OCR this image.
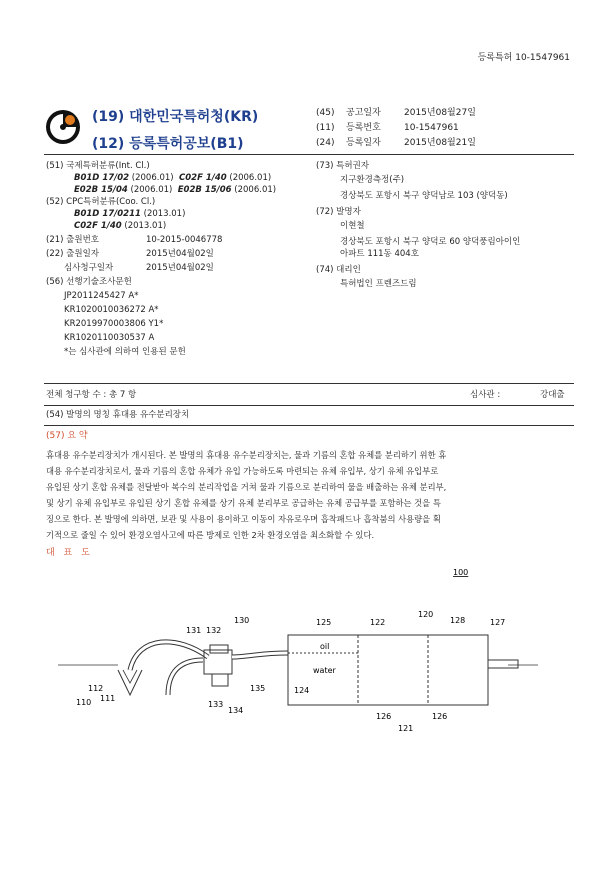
등록특허 10-1547961
(19) 대한민국특허청(KR)
(12) 등록특허공보(B1)
(45) 공고일자	2015년08월27일
(11) 등록번호	10-1547961
(24) 등록일자	2015년08월21일
(51) 국제특허분류(Int. Cl.)
B01D 17/02 (2006.01) C02F 1/40 (2006.01)
E02B 15/04 (2006.01) E02B 15/06 (2006.01)
(52) CPC특허분류(Coo. Cl.)
B01D 17/0211 (2013.01)
C02F 1/40 (2013.01)
(21) 출원번호	10-2015-0046778
(22) 출원일자	2015년04월02일
심사청구일자	2015년04월02일
(56) 선행기술조사문헌
JP2011245427 A*
KR1020010036272 A*
KR2019970003806 Y1*
KR1020110030537 A
*는 심사관에 의하여 인용된 문헌
(73) 특허권자
지구환경측정(주)
경상북도 포항시 북구 양덕남로 103 (양덕동)
(72) 발명자
이현철
경상북도 포항시 북구 양덕로 60 양덕풍림아이인
아파트 111동 404호
(74) 대리인
특허법인 프렌즈드림
전체 청구항 수 : 총 7 항	심사관 :	강대출
(54) 발명의 명칭 휴대용 유수분리장치
(57) 요 약
휴대용 유수분리장치가 개시된다. 본 발명의 휴대용 유수분리장치는, 물과 기름의 혼합 유체를 분리하기 위한 휴
대용 유수분리장치로서, 물과 기름의 혼합 유체가 유입 가능하도록 마련되는 유체 유입부, 상기 유체 유입부로
유입된 상기 혼합 유체를 전달받아 복수의 분리작업을 거쳐 물과 기름으로 분리하여 물을 배출하는 유체 분리부,
및 상기 유체 유입부로 유입된 상기 혼합 유체를 상기 유체 분리부로 공급하는 유체 공급부를 포함하는 것을 특
징으로 한다. 본 발명에 의하면, 보관 및 사용이 용이하고 이동이 자유로우며 흡착패드나 흡착붐의 사용량을 획
기적으로 줄일 수 있어 환경오염사고에 따른 방제로 인한 2차 환경오염을 최소화할 수 있다.
대 표 도
100
oil
water
120
131 132
130	125	122	128	127
112
111
110	133
134
135	124
126
121
126
